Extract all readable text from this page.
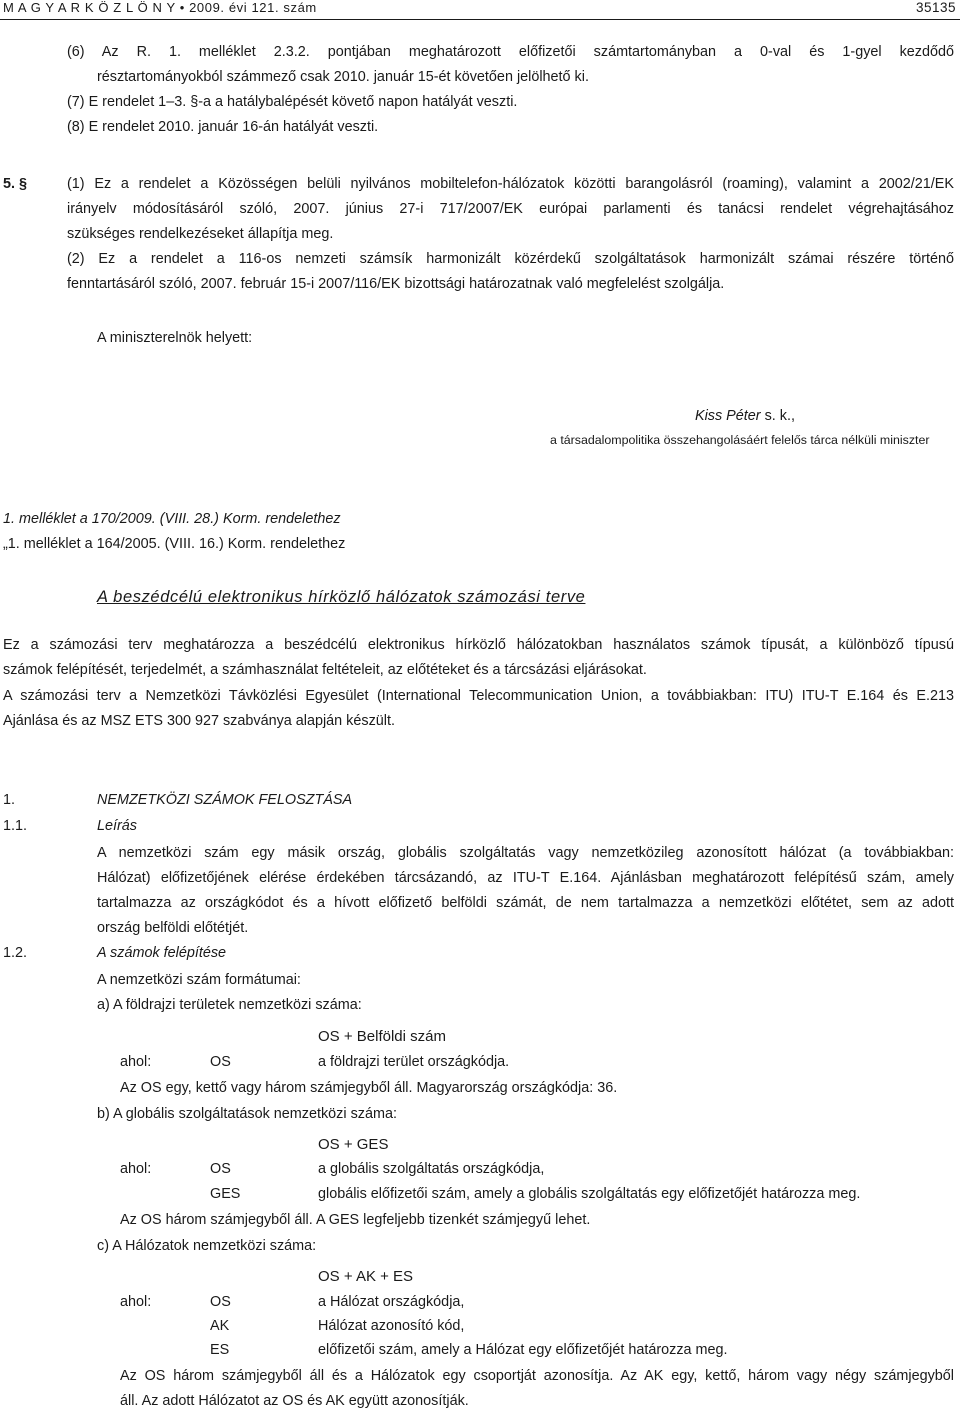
M A G Y A R K Ö Z L Ö N Y • 2009. évi 121. szám	35135
(6) Az R. 1. melléklet 2.3.2. pontjában meghatározott előfizetői számtartományban a 0-val és 1-gyel kezdődő
résztartományokból számmező csak 2010. január 15-ét követően jelölhető ki.
(7) E rendelet 1–3. §-a a hatálybalépését követő napon hatályát veszti.
(8) E rendelet 2010. január 16-án hatályát veszti.
5. §	(1) Ez a rendelet a Közösségen belüli nyilvános mobiltelefon-hálózatok közötti barangolásról (roaming), valamint a 2002/21/EK
irányelv módosításáról szóló, 2007. június 27-i 717/2007/EK európai parlamenti és tanácsi rendelet végrehajtásához
szükséges rendelkezéseket állapítja meg.
(2) Ez a rendelet a 116-os nemzeti számsík harmonizált közérdekű szolgáltatások harmonizált számai részére történő
fenntartásáról szóló, 2007. február 15-i 2007/116/EK bizottsági határozatnak való megfelelést szolgálja.
A miniszterelnök helyett:
Kiss Péter s. k.,
a társadalompolitika összehangolásáért felelős tárca nélküli miniszter
1. melléklet a 170/2009. (VIII. 28.) Korm. rendelethez
„1. melléklet a 164/2005. (VIII. 16.) Korm. rendelethez
A beszédcélú elektronikus hírközlő hálózatok számozási terve
Ez a számozási terv meghatározza a beszédcélú elektronikus hírközlő hálózatokban használatos számok típusát, a különböző típusú
számok felépítését, terjedelmét, a számhasználat feltételeit, az előtéteket és a tárcsázási eljárásokat.
A számozási terv a Nemzetközi Távközlési Egyesület (International Telecommunication Union, a továbbiakban: ITU) ITU-T E.164 és E.213
Ajánlása és az MSZ ETS 300 927 szabványa alapján készült.
1.	NEMZETKÖZI SZÁMOK FELOSZTÁSA
1.1.	Leírás
A nemzetközi szám egy másik ország, globális szolgáltatás vagy nemzetközileg azonosított hálózat (a továbbiakban:
Hálózat) előfizetőjének elérése érdekében tárcsázandó, az ITU-T E.164. Ajánlásban meghatározott felépítésű szám, amely
tartalmazza az országkódot és a hívott előfizető belföldi számát, de nem tartalmazza a nemzetközi előtétet, sem az adott
ország belföldi előtétjét.
1.2.	A számok felépítése
A nemzetközi szám formátumai:
a) A földrajzi területek nemzetközi száma:
OS + Belföldi szám
ahol:	OS	a földrajzi terület országkódja.
Az OS egy, kettő vagy három számjegyből áll. Magyarország országkódja: 36.
b) A globális szolgáltatások nemzetközi száma:
OS + GES
ahol:	OS	a globális szolgáltatás országkódja,
GES	globális előfizetői szám, amely a globális szolgáltatás egy előfizetőjét határozza meg.
Az OS három számjegyből áll. A GES legfeljebb tizenkét számjegyű lehet.
c) A Hálózatok nemzetközi száma:
OS + AK + ES
ahol:	OS	a Hálózat országkódja,
AK	Hálózat azonosító kód,
ES	előfizetői szám, amely a Hálózat egy előfizetőjét határozza meg.
Az OS három számjegyből áll és a Hálózatok egy csoportját azonosítja. Az AK egy, kettő, három vagy négy számjegyből
áll. Az adott Hálózatot az OS és AK együtt azonosítják.
